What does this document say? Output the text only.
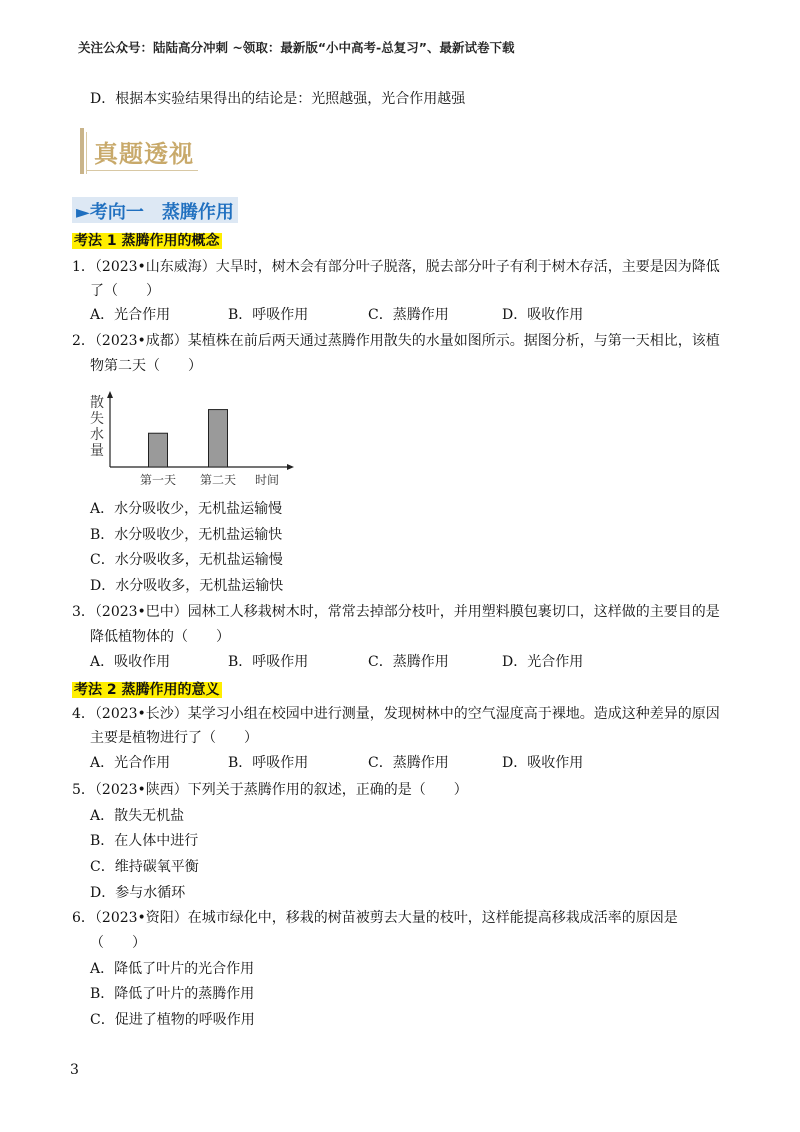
关注公众号：陆陆高分冲刺 ~领取：最新版“小中高考-总复习”、最新试卷下载
D．根据本实验结果得出的结论是：光照越强，光合作用越强
真题透视
►考向一　蒸腾作用
考法 1 蒸腾作用的概念
1．（2023•山东威海）大旱时，树木会有部分叶子脱落，脱去部分叶子有利于树木存活，主要是因为降低
了（　　）
A．光合作用	B．呼吸作用	C．蒸腾作用	D．吸收作用
2．（2023•成都）某植株在前后两天通过蒸腾作用散失的水量如图所示。据图分析，与第一天相比，该植
物第二天（　　）
第一天 第二天
散
失
水
量
时间
A．水分吸收少，无机盐运输慢
B．水分吸收少，无机盐运输快
C．水分吸收多，无机盐运输慢
D．水分吸收多，无机盐运输快
3．（2023•巴中）园林工人移栽树木时，常常去掉部分枝叶，并用塑料膜包裹切口，这样做的主要目的是
降低植物体的（　　）
A．吸收作用	B．呼吸作用	C．蒸腾作用	D．光合作用
考法 2 蒸腾作用的意义
4．（2023•长沙）某学习小组在校园中进行测量，发现树林中的空气湿度高于裸地。造成这种差异的原因
主要是植物进行了（　　）
A．光合作用	B．呼吸作用	C．蒸腾作用	D．吸收作用
5．（2023•陕西）下列关于蒸腾作用的叙述，正确的是（　　）
A．散失无机盐
B．在人体中进行
C．维持碳氧平衡
D．参与水循环
6．（2023•资阳）在城市绿化中，移栽的树苗被剪去大量的枝叶，这样能提高移栽成活率的原因是
（　　）
A．降低了叶片的光合作用
B．降低了叶片的蒸腾作用
C．促进了植物的呼吸作用
3
